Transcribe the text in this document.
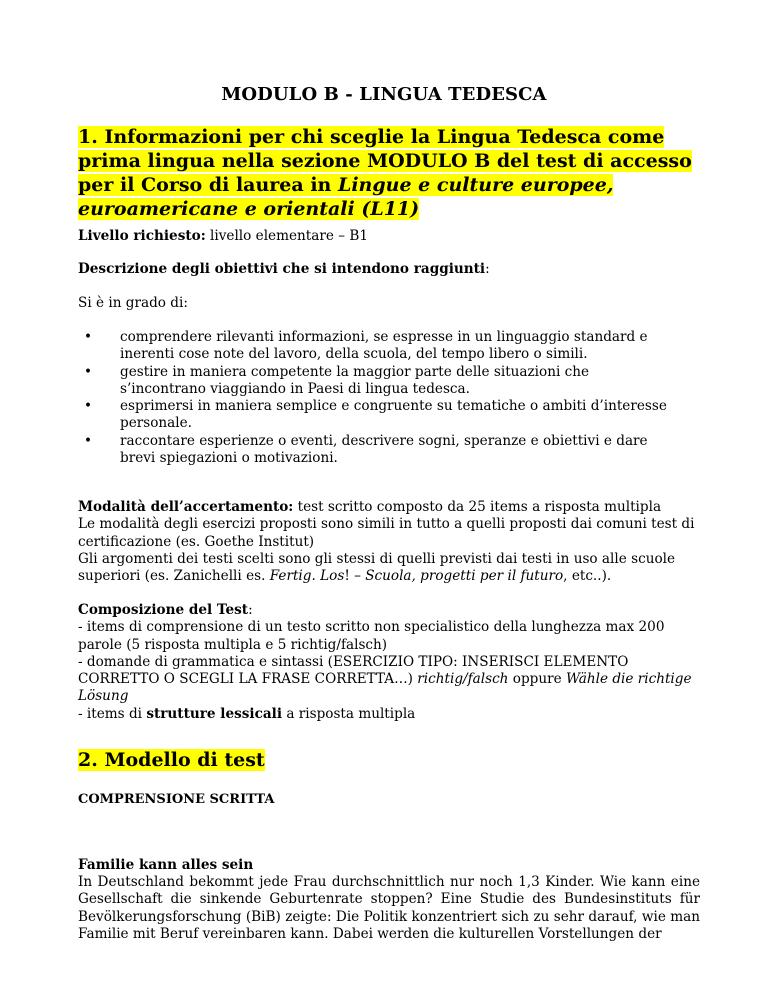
MODULO B - LINGUA TEDESCA
1. Informazioni per chi sceglie la Lingua Tedesca come prima lingua nella sezione MODULO B del test di accesso per il Corso di laurea in Lingue e culture europee, euroamericane e orientali (L11)
Livello richiesto: livello elementare – B1
Descrizione degli obiettivi che si intendono raggiunti:
Si è in grado di:
• comprendere rilevanti informazioni, se espresse in un linguaggio standard e inerenti cose note del lavoro, della scuola, del tempo libero o simili.
• gestire in maniera competente la maggior parte delle situazioni che s’incontrano viaggiando in Paesi di lingua tedesca.
• esprimersi in maniera semplice e congruente su tematiche o ambiti d’interesse personale.
• raccontare esperienze o eventi, descrivere sogni, speranze e obiettivi e dare brevi spiegazioni o motivazioni.
Modalità dell’accertamento: test scritto composto da 25 items a risposta multipla
Le modalità degli esercizi proposti sono simili in tutto a quelli proposti dai comuni test di certificazione (es. Goethe Institut)
Gli argomenti dei testi scelti sono gli stessi di quelli previsti dai testi in uso alle scuole superiori (es. Zanichelli es. Fertig. Los! – Scuola, progetti per il futuro, etc..).
Composizione del Test:
- items di comprensione di un testo scritto non specialistico della lunghezza max 200 parole (5 risposta multipla e 5 richtig/falsch)
- domande di grammatica e sintassi (ESERCIZIO TIPO: INSERISCI ELEMENTO CORRETTO O SCEGLI LA FRASE CORRETTA…) richtig/falsch oppure Wähle die richtige Lösung
- items di strutture lessicali a risposta multipla
2. Modello di test
COMPRENSIONE SCRITTA
Familie kann alles sein
In Deutschland bekommt jede Frau durchschnittlich nur noch 1,3 Kinder. Wie kann eine Gesellschaft die sinkende Geburtenrate stoppen? Eine Studie des Bundesinstituts für Bevölkerungsforschung (BiB) zeigte: Die Politik konzentriert sich zu sehr darauf, wie man Familie mit Beruf vereinbaren kann. Dabei werden die kulturellen Vorstellungen der
